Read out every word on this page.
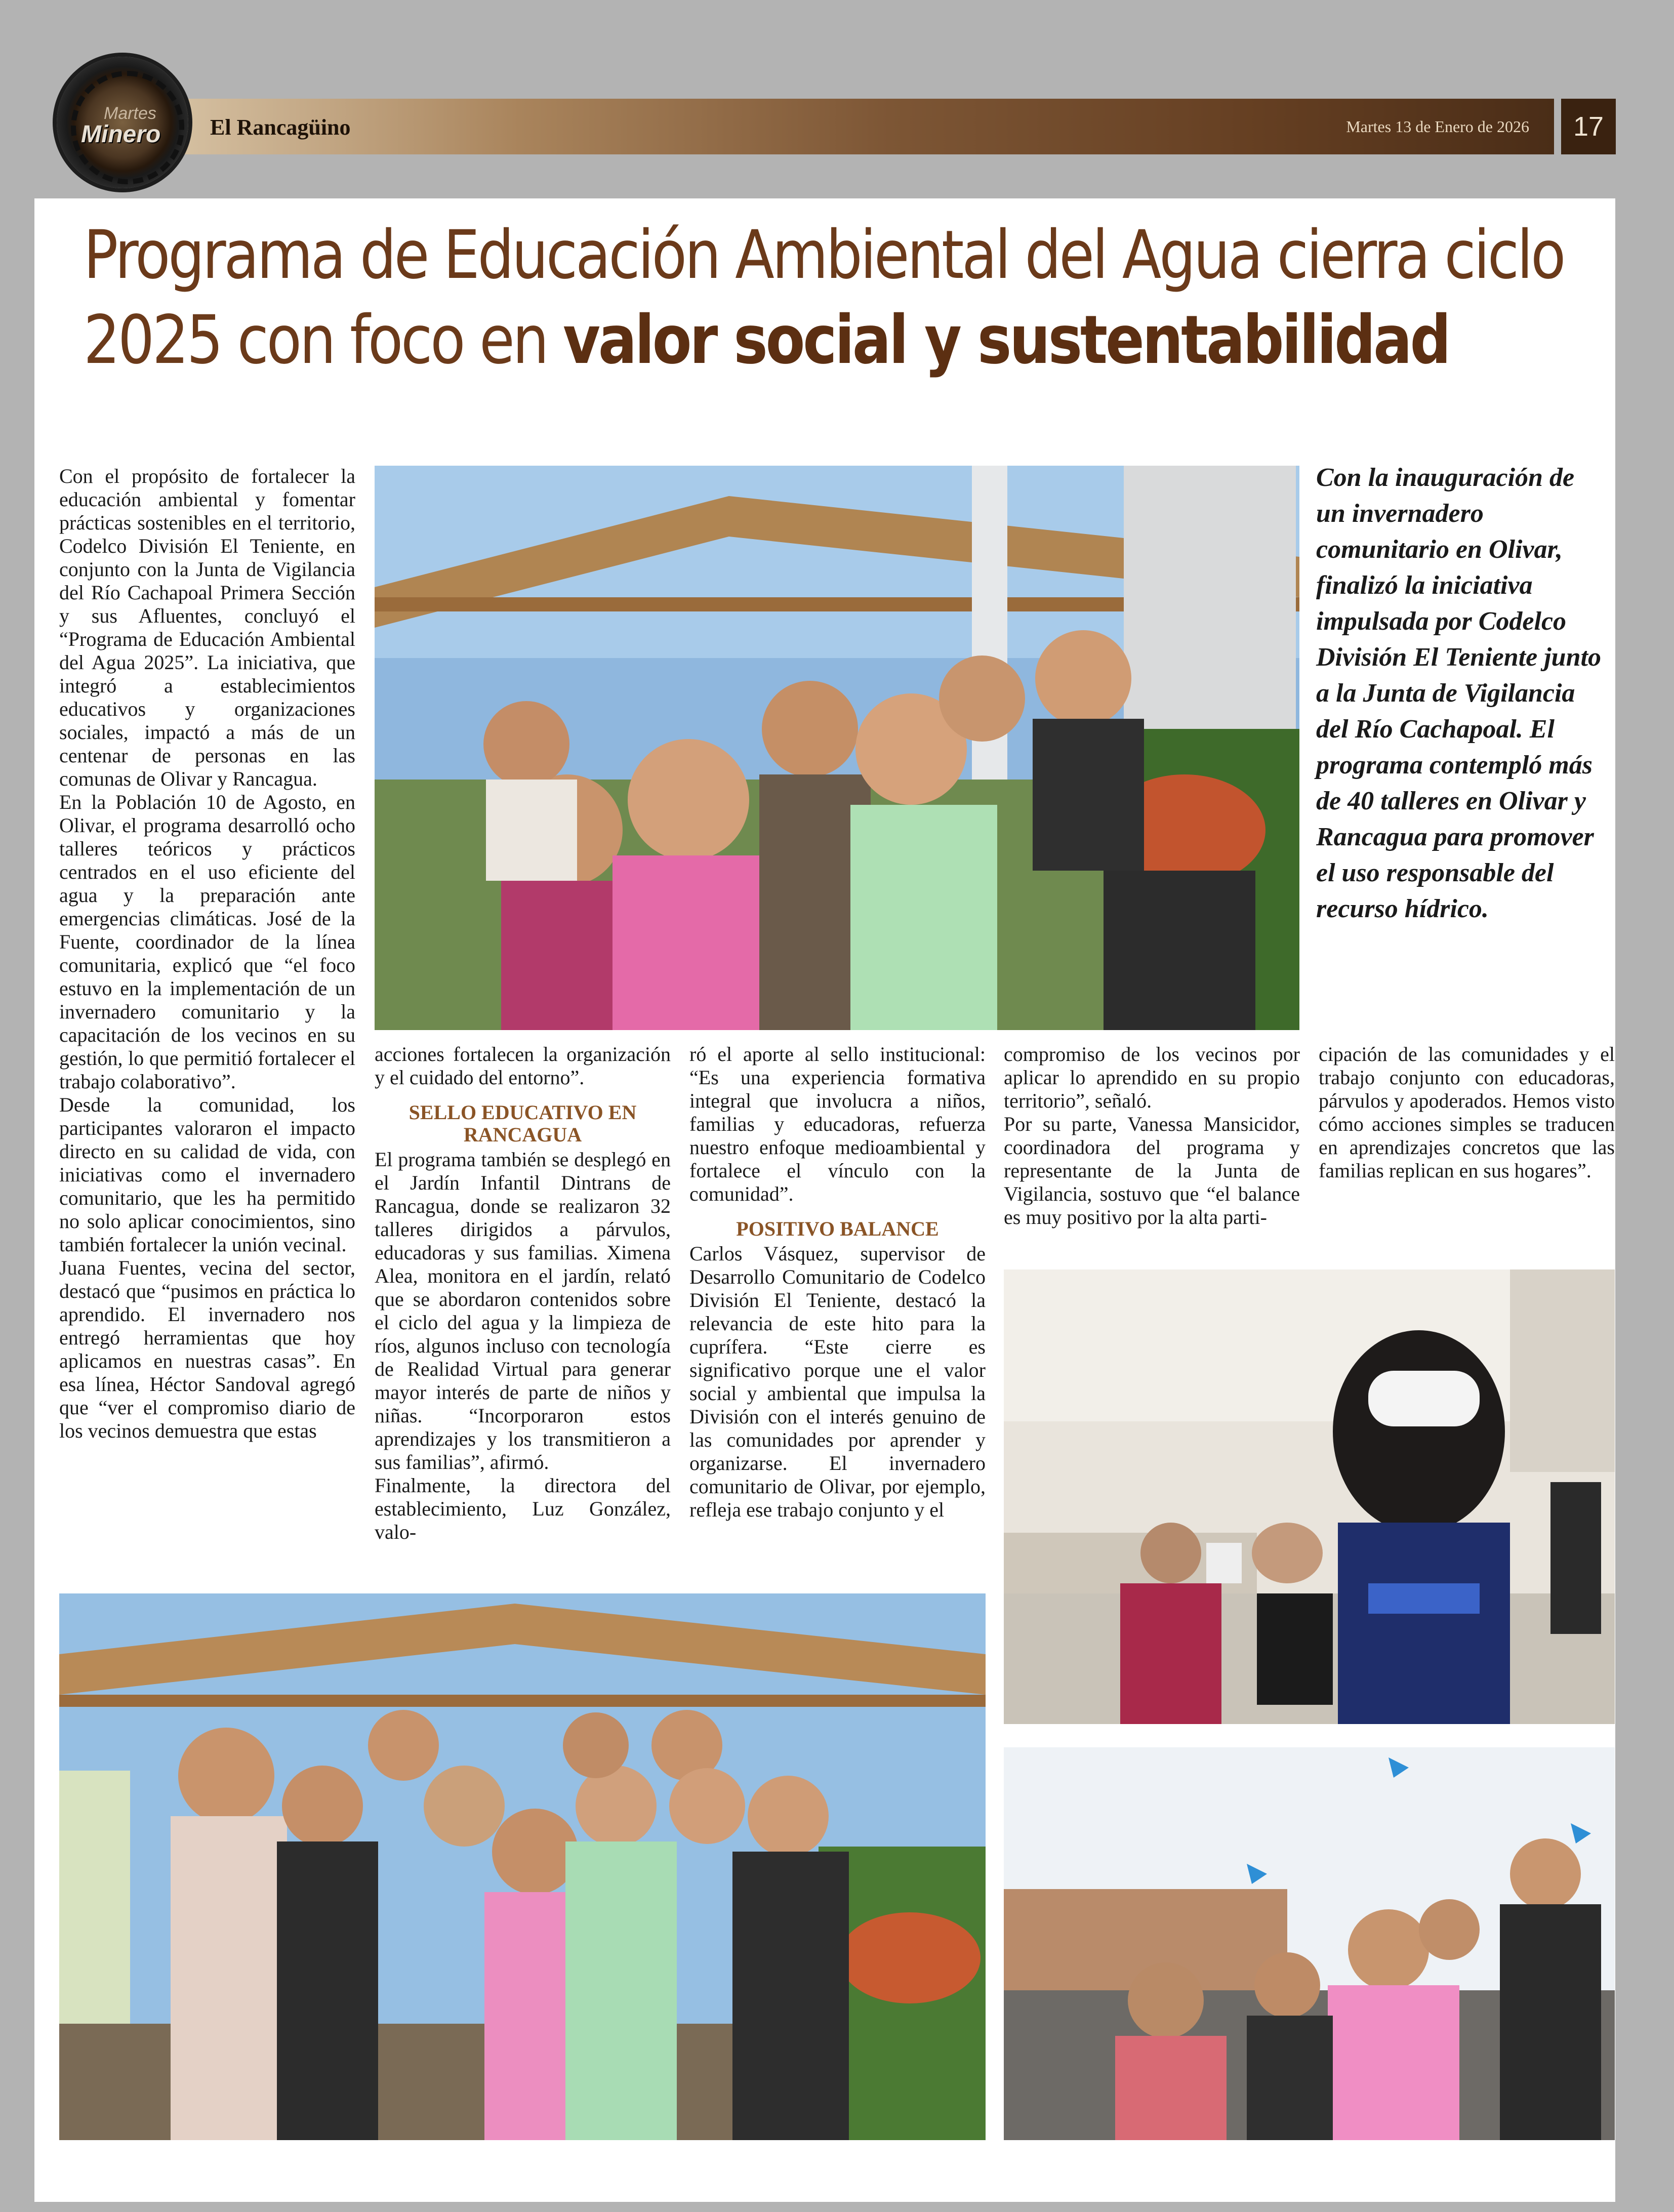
Martes
Minero El Rancagüino	Martes 13 de Enero de 2026	17
Programa de Educación Ambiental del Agua cierra ciclo
2025 con foco en valor social y sustentabilidad

Con la inauguración de un invernadero comunitario en Olivar, finalizó la iniciativa impulsada por Codelco División El Teniente junto a la Junta de Vigilancia del Río Cachapoal. El programa contempló más de 40 talleres en Olivar y Rancagua para promover el uso responsable del recurso hídrico.

Con el propósito de fortalecer la educación ambiental y fomentar prácticas sostenibles en el territorio, Codelco División El Teniente, en conjunto con la Junta de Vigilancia del Río Cachapoal Primera Sección y sus Afluentes, concluyó el “Programa de Educación Ambiental del Agua 2025”. La iniciativa, que integró a establecimientos educativos y organizaciones sociales, impactó a más de un centenar de personas en las comunas de Olivar y Rancagua.

En la Población 10 de Agosto, en Olivar, el programa desarrolló ocho talleres teóricos y prácticos centrados en el uso eficiente del agua y la preparación ante emergencias climáticas. José de la Fuente, coordinador de la línea comunitaria, explicó que “el foco estuvo en la implementación de un invernadero comunitario y la capacitación de los vecinos en su gestión, lo que permitió fortalecer el trabajo colaborativo”.

Desde la comunidad, los participantes valoraron el impacto directo en su calidad de vida, con iniciativas como el invernadero comunitario, que les ha permitido no solo aplicar conocimientos, sino también fortalecer la unión vecinal.

Juana Fuentes, vecina del sector, destacó que “pusimos en práctica lo aprendido. El invernadero nos entregó herramientas que hoy aplicamos en nuestras casas”. En esa línea, Héctor Sandoval agregó que “ver el compromiso diario de los vecinos demuestra que estas

acciones fortalecen la organización y el cuidado del entorno”.

SELLO EDUCATIVO EN RANCAGUA

El programa también se desplegó en el Jardín Infantil Dintrans de Rancagua, donde se realizaron 32 talleres dirigidos a párvulos, educadoras y sus familias. Ximena Alea, monitora en el jardín, relató que se abordaron contenidos sobre el ciclo del agua y la limpieza de ríos, algunos incluso con tecnología de Realidad Virtual para generar mayor interés de parte de niños y niñas. “Incorporaron estos aprendizajes y los transmitieron a sus familias”, afirmó.

Finalmente, la directora del establecimiento, Luz González, valo-

ró el aporte al sello institucional: “Es una experiencia formativa integral que involucra a niños, familias y educadoras, refuerza nuestro enfoque medioambiental y fortalece el vínculo con la comunidad”.

POSITIVO BALANCE

Carlos Vásquez, supervisor de Desarrollo Comunitario de Codelco División El Teniente, destacó la relevancia de este hito para la cuprífera. “Este cierre es significativo porque une el valor social y ambiental que impulsa la División con el interés genuino de las comunidades por aprender y organizarse. El invernadero comunitario de Olivar, por ejemplo, refleja ese trabajo conjunto y el

compromiso de los vecinos por aplicar lo aprendido en su propio territorio”, señaló.

Por su parte, Vanessa Mansicidor, coordinadora del programa y representante de la Junta de Vigilancia, sostuvo que “el balance es muy positivo por la alta parti-

cipación de las comunidades y el trabajo conjunto con educadoras, párvulos y apoderados. Hemos visto cómo acciones simples se traducen en aprendizajes concretos que las familias replican en sus hogares”.
